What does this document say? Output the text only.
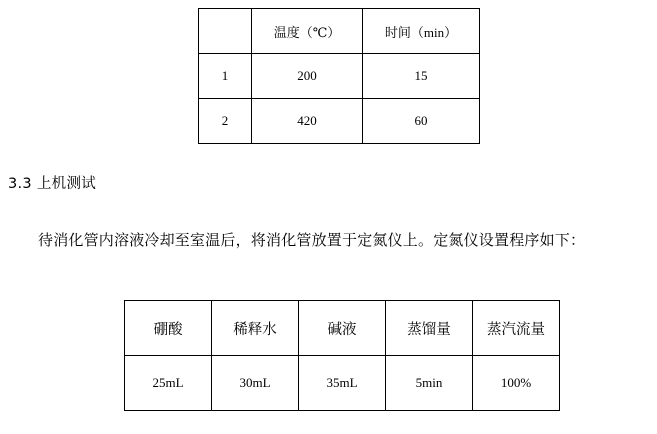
	温度（℃）	时间（min）
1	200	15
2	420	60
3.3 上机测试
待消化管内溶液冷却至室温后，将消化管放置于定氮仪上。定氮仪设置程序如下：
硼酸	稀释水	碱液	蒸馏量	蒸汽流量
25mL	30mL	35mL	5min	100%
